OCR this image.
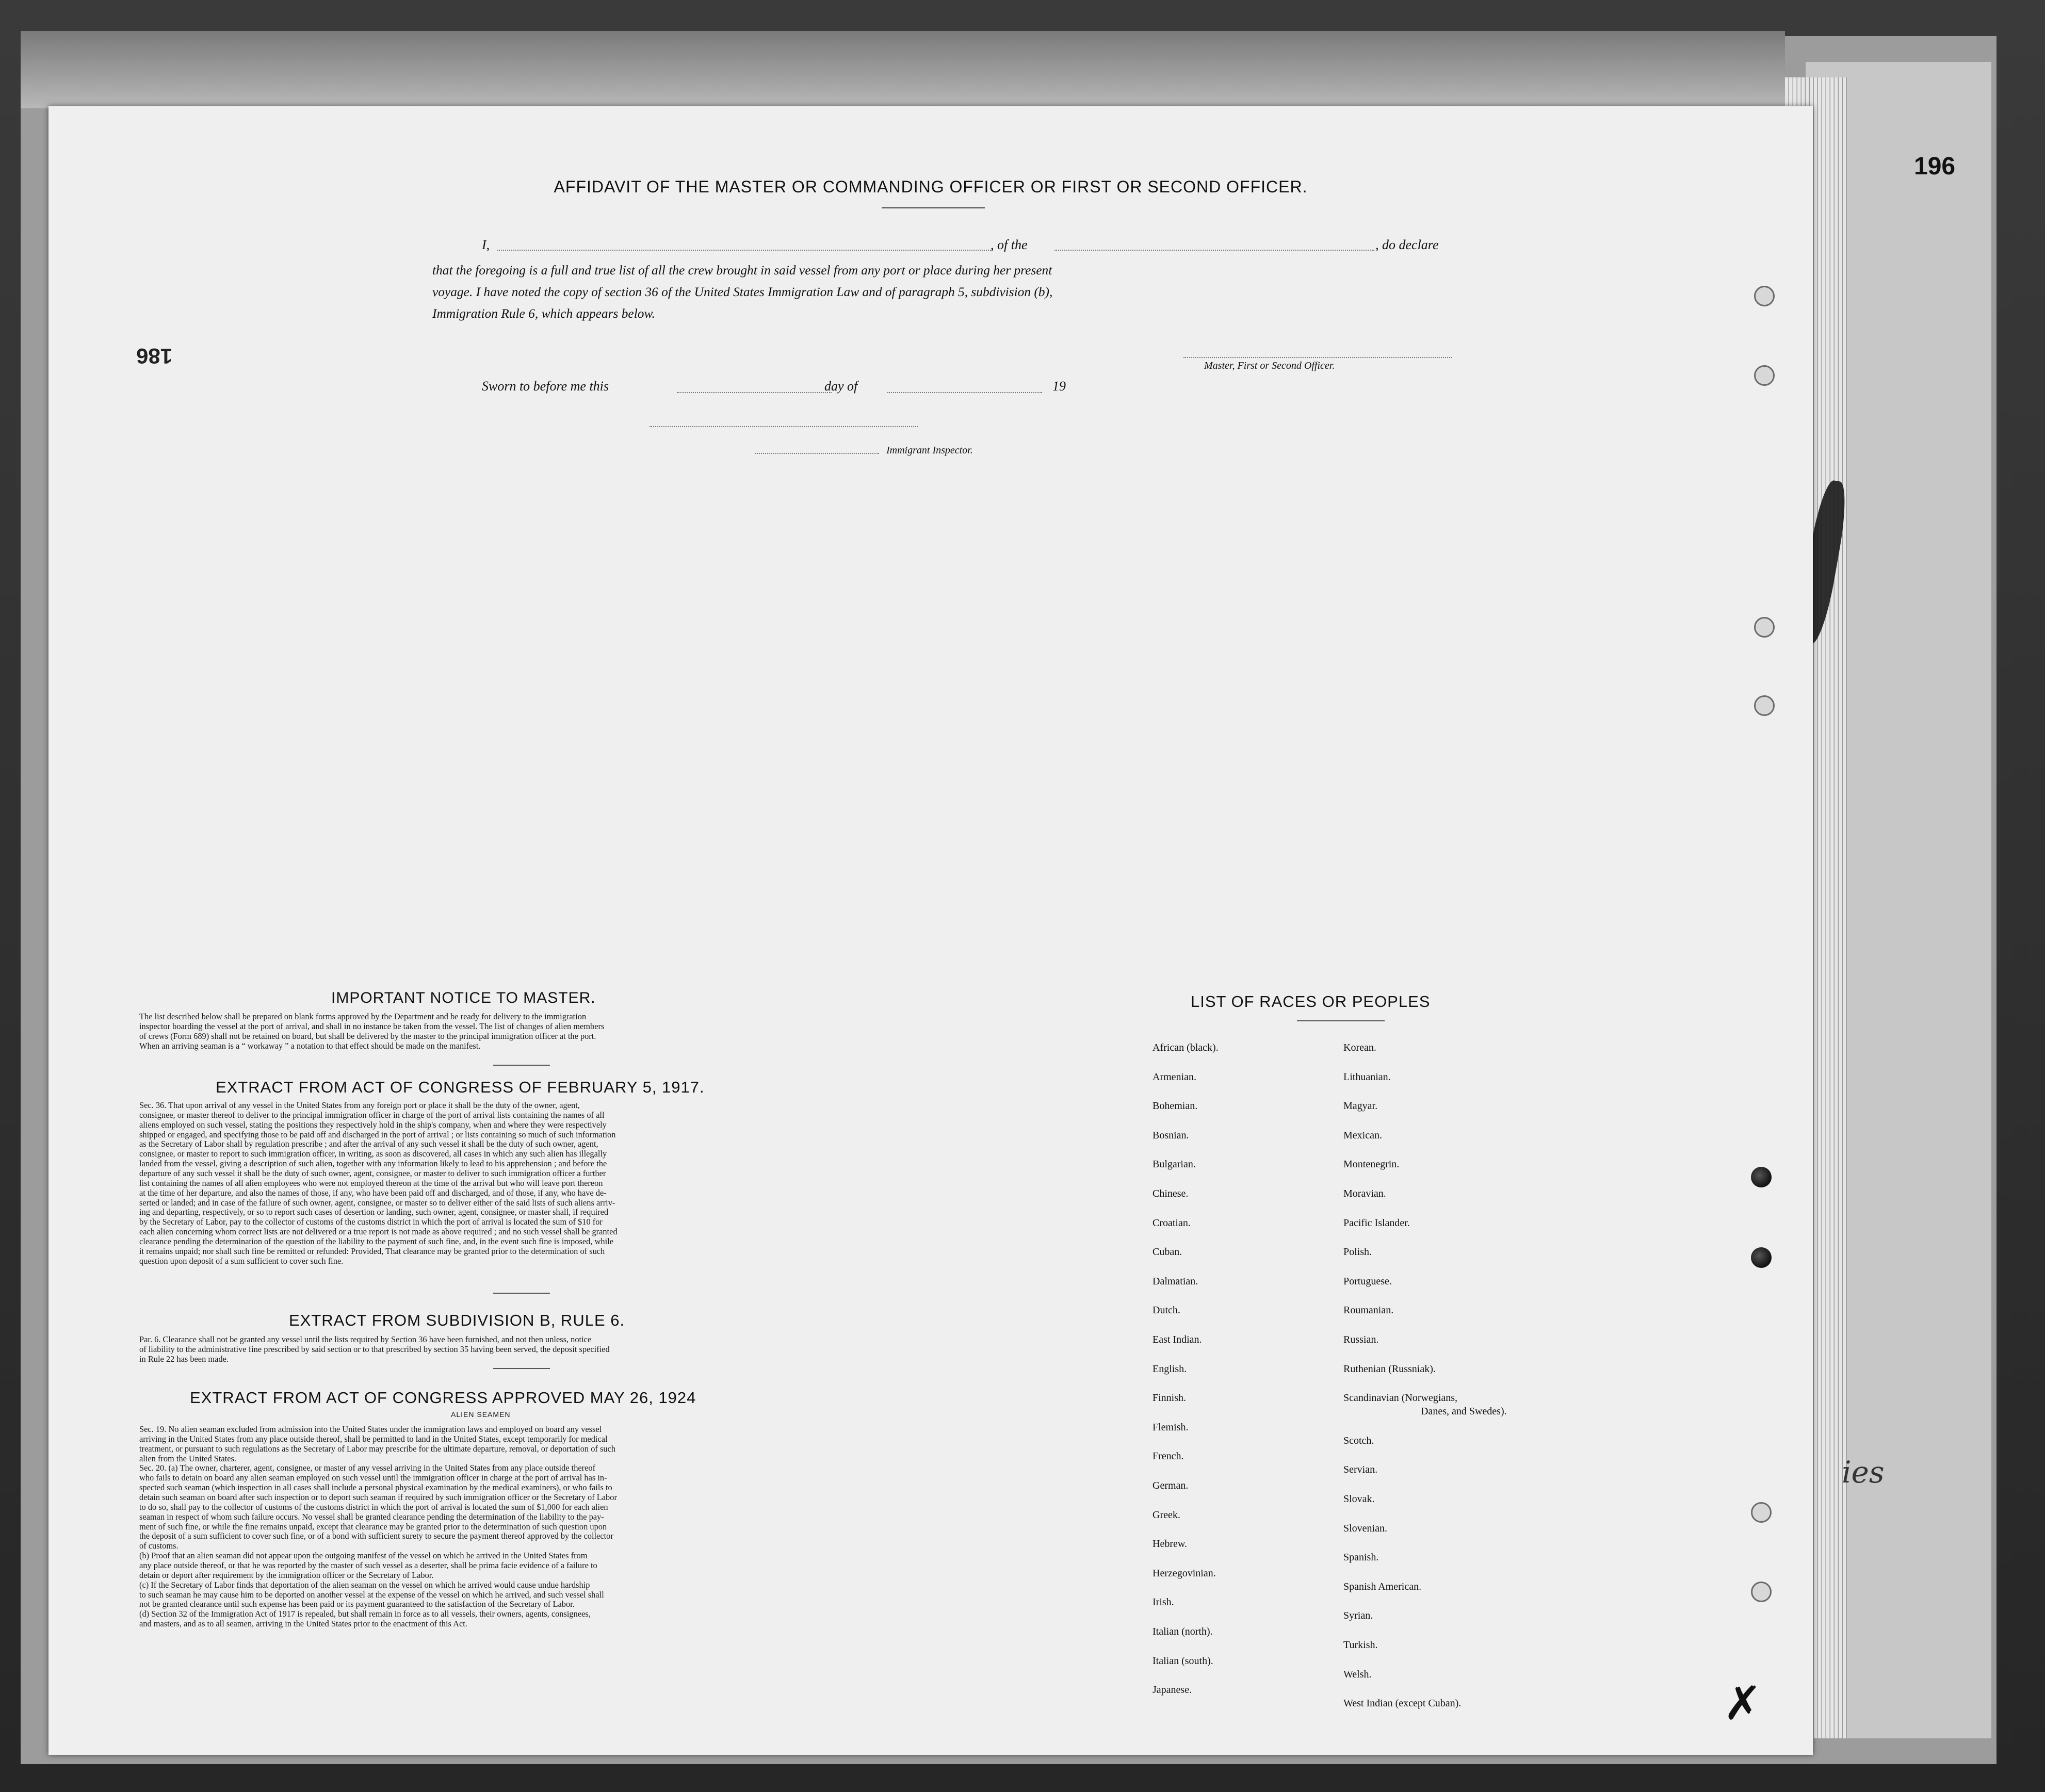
196
ies
186
AFFIDAVIT OF THE MASTER OR COMMANDING OFFICER OR FIRST OR SECOND OFFICER.
I,	, of the	, do declare
that the foregoing is a full and true list of all the crew brought in said vessel from any port or place during her present
voyage. I have noted the copy of section 36 of the United States Immigration Law and of paragraph 5, subdivision (b),
Immigration Rule 6, which appears below.
Master, First or Second Officer.
Sworn to before me this	day of	19
Immigrant Inspector.
IMPORTANT NOTICE TO MASTER.
The list described below shall be prepared on blank forms approved by the Department and be ready for delivery to the immigration
inspector boarding the vessel at the port of arrival, and shall in no instance be taken from the vessel. The list of changes of alien members
of crews (Form 689) shall not be retained on board, but shall be delivered by the master to the principal immigration officer at the port.
When an arriving seaman is a “ workaway ” a notation to that effect should be made on the manifest.
EXTRACT FROM ACT OF CONGRESS OF FEBRUARY 5, 1917.
Sec. 36. That upon arrival of any vessel in the United States from any foreign port or place it shall be the duty of the owner, agent,
consignee, or master thereof to deliver to the principal immigration officer in charge of the port of arrival lists containing the names of all
aliens employed on such vessel, stating the positions they respectively hold in the ship's company, when and where they were respectively
shipped or engaged, and specifying those to be paid off and discharged in the port of arrival ; or lists containing so much of such information
as the Secretary of Labor shall by regulation prescribe ; and after the arrival of any such vessel it shall be the duty of such owner, agent,
consignee, or master to report to such immigration officer, in writing, as soon as discovered, all cases in which any such alien has illegally
landed from the vessel, giving a description of such alien, together with any information likely to lead to his apprehension ; and before the
departure of any such vessel it shall be the duty of such owner, agent, consignee, or master to deliver to such immigration officer a further
list containing the names of all alien employees who were not employed thereon at the time of the arrival but who will leave port thereon
at the time of her departure, and also the names of those, if any, who have been paid off and discharged, and of those, if any, who have de-
serted or landed; and in case of the failure of such owner, agent, consignee, or master so to deliver either of the said lists of such aliens arriv-
ing and departing, respectively, or so to report such cases of desertion or landing, such owner, agent, consignee, or master shall, if required
by the Secretary of Labor, pay to the collector of customs of the customs district in which the port of arrival is located the sum of $10 for
each alien concerning whom correct lists are not delivered or a true report is not made as above required ; and no such vessel shall be granted
clearance pending the determination of the question of the liability to the payment of such fine, and, in the event such fine is imposed, while
it remains unpaid; nor shall such fine be remitted or refunded: Provided, That clearance may be granted prior to the determination of such
question upon deposit of a sum sufficient to cover such fine.
EXTRACT FROM SUBDIVISION B, RULE 6.
Par. 6. Clearance shall not be granted any vessel until the lists required by Section 36 have been furnished, and not then unless, notice
of liability to the administrative fine prescribed by said section or to that prescribed by section 35 having been served, the deposit specified
in Rule 22 has been made.
EXTRACT FROM ACT OF CONGRESS APPROVED MAY 26, 1924
ALIEN SEAMEN
Sec. 19. No alien seaman excluded from admission into the United States under the immigration laws and employed on board any vessel
arriving in the United States from any place outside thereof, shall be permitted to land in the United States, except temporarily for medical
treatment, or pursuant to such regulations as the Secretary of Labor may prescribe for the ultimate departure, removal, or deportation of such
alien from the United States.
Sec. 20. (a) The owner, charterer, agent, consignee, or master of any vessel arriving in the United States from any place outside thereof
who fails to detain on board any alien seaman employed on such vessel until the immigration officer in charge at the port of arrival has in-
spected such seaman (which inspection in all cases shall include a personal physical examination by the medical examiners), or who fails to
detain such seaman on board after such inspection or to deport such seaman if required by such immigration officer or the Secretary of Labor
to do so, shall pay to the collector of customs of the customs district in which the port of arrival is located the sum of $1,000 for each alien
seaman in respect of whom such failure occurs. No vessel shall be granted clearance pending the determination of the liability to the pay-
ment of such fine, or while the fine remains unpaid, except that clearance may be granted prior to the determination of such question upon
the deposit of a sum sufficient to cover such fine, or of a bond with sufficient surety to secure the payment thereof approved by the collector
of customs.
(b) Proof that an alien seaman did not appear upon the outgoing manifest of the vessel on which he arrived in the United States from
any place outside thereof, or that he was reported by the master of such vessel as a deserter, shall be prima facie evidence of a failure to
detain or deport after requirement by the immigration officer or the Secretary of Labor.
(c) If the Secretary of Labor finds that deportation of the alien seaman on the vessel on which he arrived would cause undue hardship
to such seaman he may cause him to be deported on another vessel at the expense of the vessel on which he arrived, and such vessel shall
not be granted clearance until such expense has been paid or its payment guaranteed to the satisfaction of the Secretary of Labor.
(d) Section 32 of the Immigration Act of 1917 is repealed, but shall remain in force as to all vessels, their owners, agents, consignees,
and masters, and as to all seamen, arriving in the United States prior to the enactment of this Act.
LIST OF RACES OR PEOPLES
African (black).
Armenian.
Bohemian.
Bosnian.
Bulgarian.
Chinese.
Croatian.
Cuban.
Dalmatian.
Dutch.
East Indian.
English.
Finnish.
Flemish.
French.
German.
Greek.
Hebrew.
Herzegovinian.
Irish.
Italian (north).
Italian (south).
Japanese.
Korean.
Lithuanian.
Magyar.
Mexican.
Montenegrin.
Moravian.
Pacific Islander.
Polish.
Portuguese.
Roumanian.
Russian.
Ruthenian (Russniak).
Scandinavian (Norwegians,
Danes, and Swedes).
Scotch.
Servian.
Slovak.
Slovenian.
Spanish.
Spanish American.
Syrian.
Turkish.
Welsh.
West Indian (except Cuban).	✗
